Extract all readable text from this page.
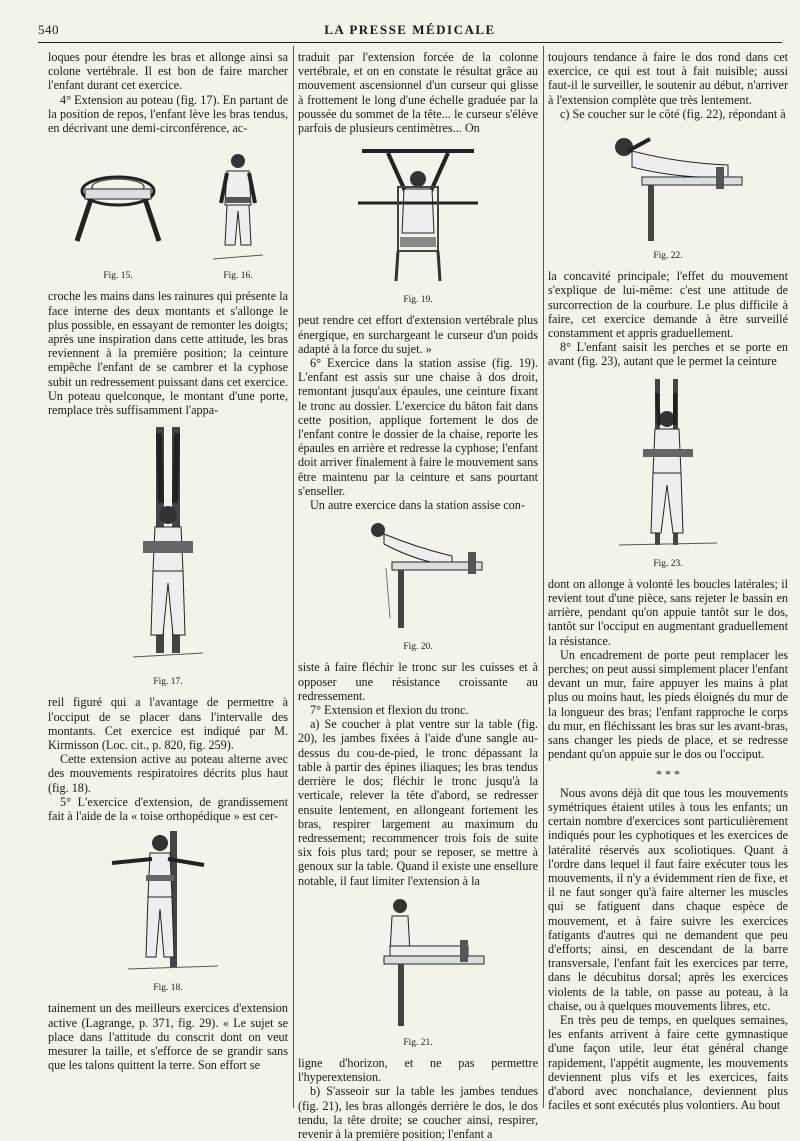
540	LA PRESSE MÉDICALE

loques pour étendre les bras et allonge ainsi sa colone vertébrale. Il est bon de faire marcher l'enfant durant cet exercice.

4° Extension au poteau (fig. 17). En partant de la position de repos, l'enfant lève les bras tendus, en décrivant une demi-circonférence, ac-

Fig. 15.	Fig. 16.

croche les mains dans les rainures qui présente la face interne des deux montants et s'allonge le plus possible, en essayant de remonter les doigts; après une inspiration dans cette attitude, les bras reviennent à la première position; la ceinture empêche l'enfant de se cambrer et la cyphose subit un redressement puissant dans cet exercice. Un poteau quelconque, le montant d'une porte, remplace très suffisamment l'appa-

Fig. 17.

reil figuré qui a l'avantage de permettre à l'occiput de se placer dans l'intervalle des montants. Cet exercice est indiqué par M. Kirmisson (Loc. cit., p. 820, fig. 259).

Cette extension active au poteau alterne avec des mouvements respiratoires décrits plus haut (fig. 18).

5° L'exercice d'extension, de grandissement fait à l'aide de la « toise orthopédique » est cer-

Fig. 18.

tainement un des meilleurs exercices d'extension active (Lagrange, p. 371, fig. 29). « Le sujet se place dans l'attitude du conscrit dont on veut mesurer la taille, et s'efforce de se grandir sans que les talons quittent la terre. Son effort se

traduit par l'extension forcée de la colonne vertébrale, et on en constate le résultat grâce au mouvement ascensionnel d'un curseur qui glisse à frottement le long d'une échelle graduée par la poussée du sommet de la tête... le curseur s'élève parfois de plusieurs centimètres... On

Fig. 19.

peut rendre cet effort d'extension vertébrale plus énergique, en surchargeant le curseur d'un poids adapté à la force du sujet. »

6° Exercice dans la station assise (fig. 19). L'enfant est assis sur une chaise à dos droit, remontant jusqu'aux épaules, une ceinture fixant le tronc au dossier. L'exercice du bâton fait dans cette position, applique fortement le dos de l'enfant contre le dossier de la chaise, reporte les épaules en arrière et redresse la cyphose; l'enfant doit arriver finalement à faire le mouvement sans être maintenu par la ceinture et sans pourtant s'enseller.

Un autre exercice dans la station assise con-

Fig. 20.

siste à faire fléchir le tronc sur les cuisses et à opposer une résistance croissante au redressement.

7° Extension et flexion du tronc.

a) Se coucher à plat ventre sur la table (fig. 20), les jambes fixées à l'aide d'une sangle au-dessus du cou-de-pied, le tronc dépassant la table à partir des épines iliaques; les bras tendus derrière le dos; fléchir le tronc jusqu'à la verticale, relever la tête d'abord, se redresser ensuite lentement, en allongeant fortement les bras, respirer largement au maximum du redressement; recommencer trois fois de suite six fois plus tard; pour se reposer, se mettre à genoux sur la table. Quand il existe une ensellure notable, il faut limiter l'extension à la

Fig. 21.

ligne d'horizon, et ne pas permettre l'hyperextension.

b) S'asseoir sur la table les jambes tendues (fig. 21), les bras allongés derrière le dos, le dos tendu, la tête droite; se coucher ainsi, respirer, revenir à la première position; l'enfant a

toujours tendance à faire le dos rond dans cet exercice, ce qui est tout à fait nuisible; aussi faut-il le surveiller, le soutenir au début, n'arriver à l'extension complète que très lentement.

c) Se coucher sur le côté (fig. 22), répondant à

Fig. 22.

la concavité principale; l'effet du mouvement s'explique de lui-même: c'est une attitude de surcorrection de la courbure. Le plus difficile à faire, cet exercice demande à être surveillé constamment et appris graduellement.

8° L'enfant saisit les perches et se porte en avant (fig. 23), autant que le permet la ceinture

Fig. 23.

dont on allonge à volonté les boucles latérales; il revient tout d'une pièce, sans rejeter le bassin en arrière, pendant qu'on appuie tantôt sur le dos, tantôt sur l'occiput en augmentant graduellement la résistance.

Un encadrement de porte peut remplacer les perches; on peut aussi simplement placer l'enfant devant un mur, faire appuyer les mains à plat plus ou moins haut, les pieds éloignés du mur de la longueur des bras; l'enfant rapproche le corps du mur, en fléchissant les bras sur les avant-bras, sans changer les pieds de place, et se redresse pendant qu'on appuie sur le dos ou l'occiput.

* * *

Nous avons déjà dit que tous les mouvements symétriques étaient utiles à tous les enfants; un certain nombre d'exercices sont particulièrement indiqués pour les cyphotiques et les exercices de latéralité réservés aux scoliotiques. Quant à l'ordre dans lequel il faut faire exécuter tous les mouvements, il n'y a évidemment rien de fixe, et il ne faut songer qu'à faire alterner les muscles qui se fatiguent dans chaque espèce de mouvement, et à faire suivre les exercices fatigants d'autres qui ne demandent que peu d'efforts; ainsi, en descendant de la barre transversale, l'enfant fait les exercices par terre, dans le décubitus dorsal; après les exercices violents de la table, on passe au poteau, à la chaise, ou à quelques mouvements libres, etc.

En très peu de temps, en quelques semaines, les enfants arrivent à faire cette gymnastique d'une façon utile, leur état général change rapidement, l'appétit augmente, les mouvements deviennent plus vifs et les exercices, faits d'abord avec nonchalance, deviennent plus faciles et sont exécutés plus volontiers. Au bout
